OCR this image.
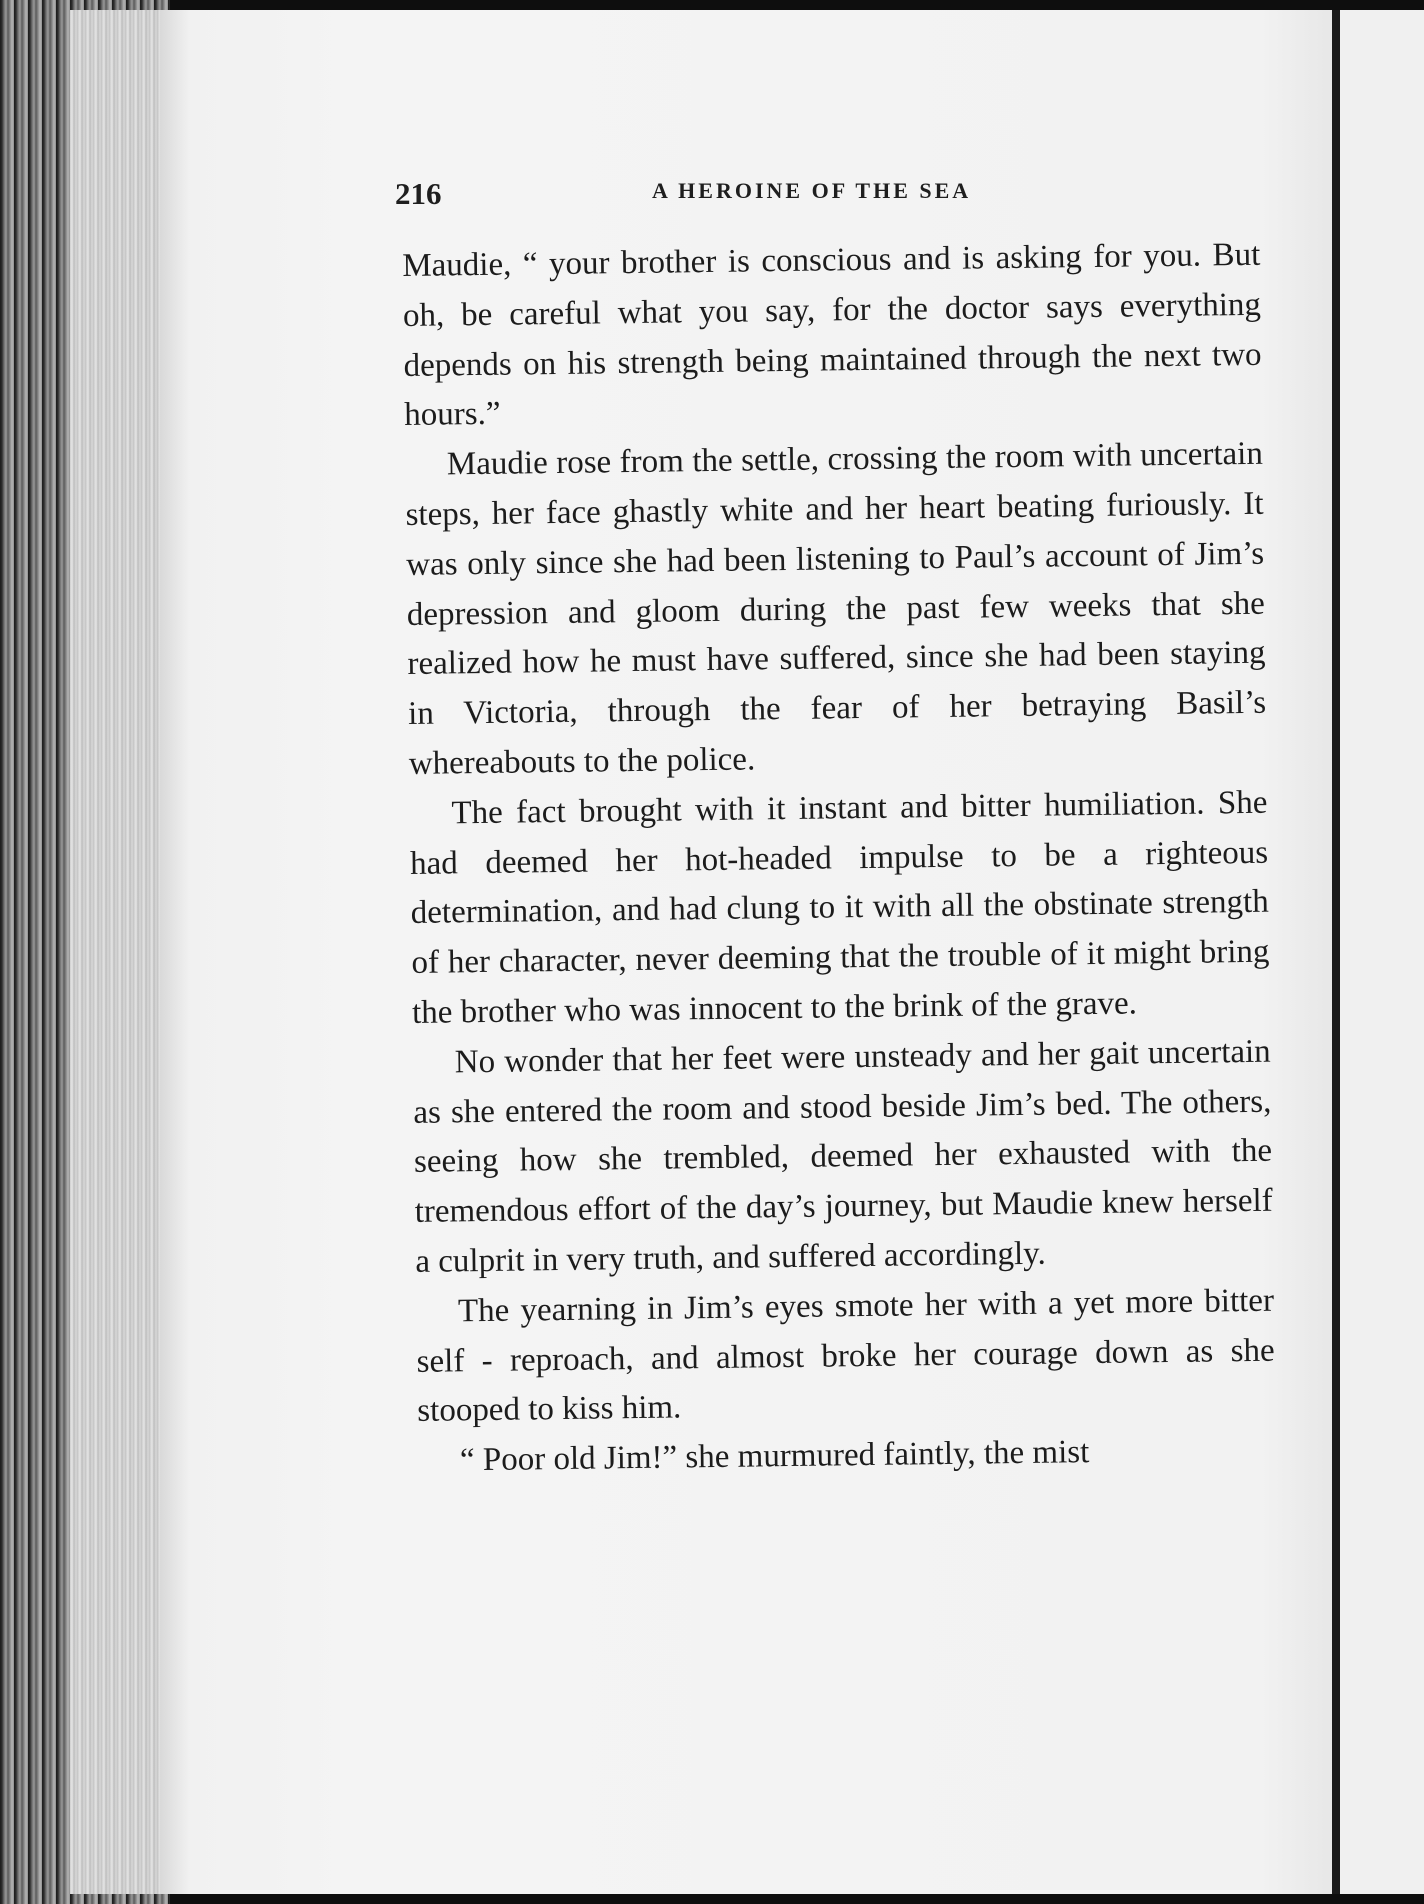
216	A HEROINE OF THE SEA

Maudie, “ your brother is conscious and is asking for you. But oh, be careful what you say, for the doctor says everything depends on his strength being maintained through the next two hours.”

Maudie rose from the settle, crossing the room with uncertain steps, her face ghastly white and her heart beating furiously. It was only since she had been listening to Paul’s account of Jim’s depression and gloom during the past few weeks that she realized how he must have suffered, since she had been staying in Victoria, through the fear of her betraying Basil’s whereabouts to the police.

The fact brought with it instant and bitter humiliation. She had deemed her hot-headed impulse to be a righteous determination, and had clung to it with all the obstinate strength of her character, never deeming that the trouble of it might bring the brother who was innocent to the brink of the grave.

No wonder that her feet were unsteady and her gait uncertain as she entered the room and stood beside Jim’s bed. The others, seeing how she trembled, deemed her exhausted with the tremendous effort of the day’s journey, but Maudie knew herself a culprit in very truth, and suffered accordingly.

The yearning in Jim’s eyes smote her with a yet more bitter self - reproach, and almost broke her courage down as she stooped to kiss him.

“ Poor old Jim!” she murmured faintly, the mist
